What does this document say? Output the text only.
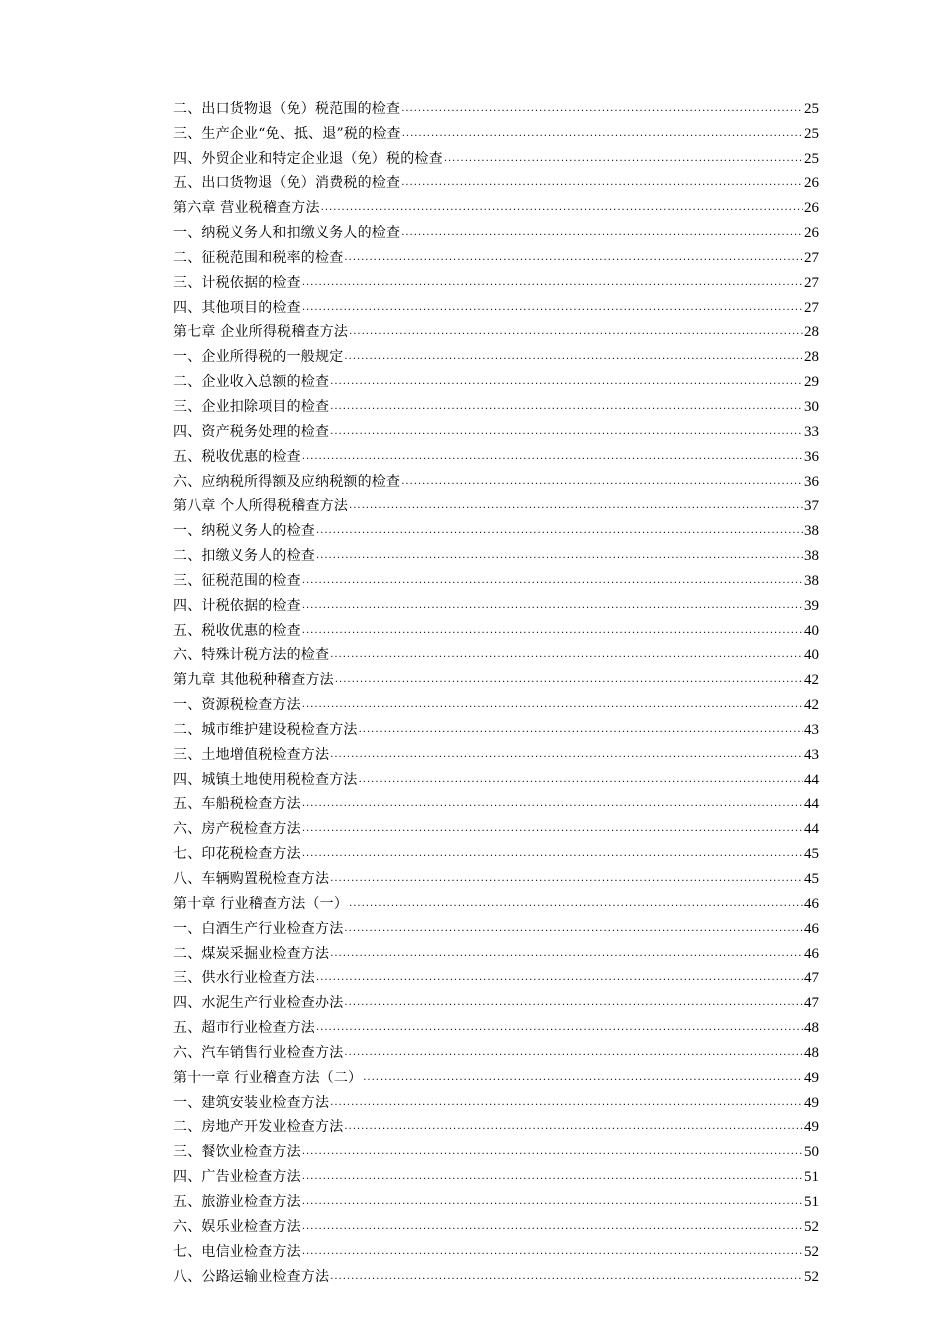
二、出口货物退（免）税范围的检查 .....	25
三、生产企业“免、抵、退”税的检查 .....	25
四、外贸企业和特定企业退（免）税的检查 .....	25
五、出口货物退（免）消费税的检查 .....	26
第六章 营业税稽查方法 .....	26
一、纳税义务人和扣缴义务人的检查 .....	26
二、征税范围和税率的检查 .....	27
三、计税依据的检查 .....	27
四、其他项目的检查 .....	27
第七章 企业所得税稽查方法 .....	28
一、企业所得税的一般规定 .....	28
二、企业收入总额的检查 .....	29
三、企业扣除项目的检查 .....	30
四、资产税务处理的检查 .....	33
五、税收优惠的检查 .....	36
六、应纳税所得额及应纳税额的检查 .....	36
第八章 个人所得税稽查方法 .....	37
一、纳税义务人的检查 .....	38
二、扣缴义务人的检查 .....	38
三、征税范围的检查 .....	38
四、计税依据的检查 .....	39
五、税收优惠的检查 .....	40
六、特殊计税方法的检查 .....	40
第九章 其他税种稽查方法 .....	42
一、资源税检查方法 .....	42
二、城市维护建设税检查方法 .....	43
三、土地增值税检查方法 .....	43
四、城镇土地使用税检查方法 .....	44
五、车船税检查方法 .....	44
六、房产税检查方法 .....	44
七、印花税检查方法 .....	45
八、车辆购置税检查方法 .....	45
第十章 行业稽查方法（一） .....	46
一、白酒生产行业检查方法 .....	46
二、煤炭采掘业检查方法 .....	46
三、供水行业检查方法 .....	47
四、水泥生产行业检查办法 .....	47
五、超市行业检查方法 .....	48
六、汽车销售行业检查方法 .....	48
第十一章 行业稽查方法（二） .....	49
一、建筑安装业检查方法 .....	49
二、房地产开发业检查方法 .....	49
三、餐饮业检查方法 .....	50
四、广告业检查方法 .....	51
五、旅游业检查方法 .....	51
六、娱乐业检查方法 .....	52
七、电信业检查方法 .....	52
八、公路运输业检查方法 .....	52
